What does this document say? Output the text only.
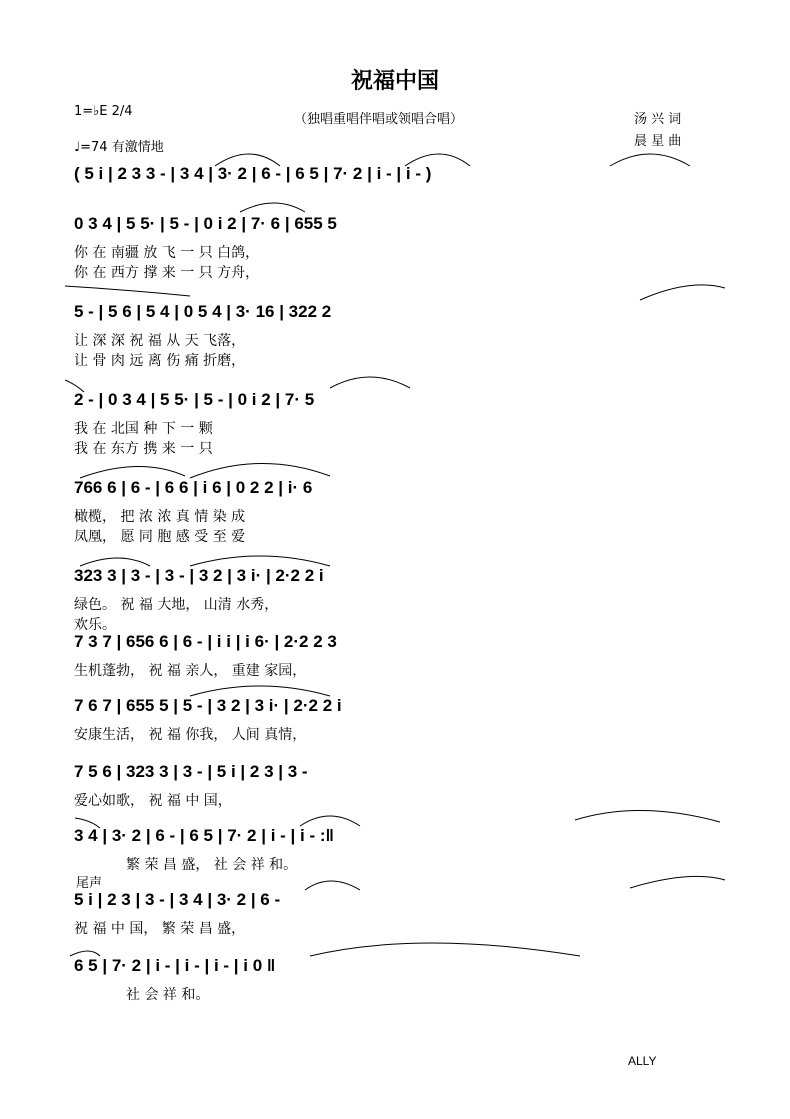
祝福中国
1=♭E 2/4
♩=74 有激情地
（独唱重唱伴唱或领唱合唱）	汤 兴 词
晨 星 曲
( 5 i | 2 3 3 - | 3 4 | 3· 2 | 6 - | 6 5 | 7· 2 | i - | i - )
0 3 4 | 5 5· | 5 - | 0 i 2 | 7· 6 | 655 5
你 在 南疆 放 飞 一 只 白鸽，
你 在 西方 撑 来 一 只 方舟，
5 - | 5 6 | 5 4 | 0 5 4 | 3· 16 | 322 2
让 深 深 祝 福 从 天 飞落，
让 骨 肉 远 离 伤 痛 折磨，
2 - | 0 3 4 | 5 5· | 5 - | 0 i 2 | 7· 5
我 在 北国 种 下 一 颗
我 在 东方 携 来 一 只
766 6 | 6 - | 6 6 | i 6 | 0 2 2 | i· 6
橄榄， 把 浓 浓 真 情 染 成
凤凰， 愿 同 胞 感 受 至 爱
323 3 | 3 - | 3 - | 3 2 | 3 i· | 2·2 2 i
绿色。 祝 福 大地， 山清 水秀，
欢乐。
7 3 7 | 656 6 | 6 - | i i | i 6· | 2·2 2 3
生机蓬勃， 祝 福 亲人， 重建 家园，
7 6 7 | 655 5 | 5 - | 3 2 | 3 i· | 2·2 2 i
安康生活， 祝 福 你我， 人间 真情，
7 5 6 | 323 3 | 3 - | 5 i | 2 3 | 3 -
爱心如歌， 祝 福 中 国，
3 4 | 3· 2 | 6 - | 6 5 | 7· 2 | i - | i - :‖
繁 荣 昌 盛， 社 会 祥 和。
尾声
5 i | 2 3 | 3 - | 3 4 | 3· 2 | 6 -
祝 福 中 国， 繁 荣 昌 盛，
6 5 | 7· 2 | i - | i - | i - | i 0 ‖
社 会 祥 和。
ALLY
